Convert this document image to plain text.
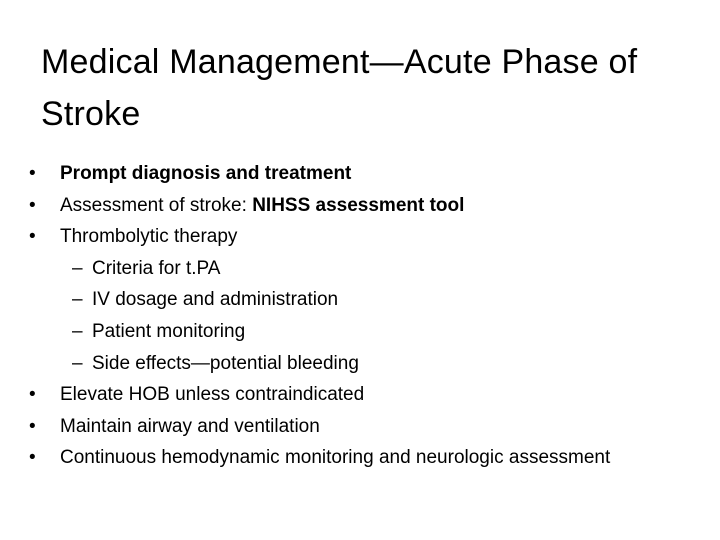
Medical Management—Acute Phase of Stroke
• Prompt diagnosis and treatment
• Assessment of stroke: NIHSS assessment tool
• Thrombolytic therapy
– Criteria for t.PA
– IV dosage and administration
– Patient monitoring
– Side effects—potential bleeding
• Elevate HOB unless contraindicated
• Maintain airway and ventilation
• Continuous hemodynamic monitoring and neurologic assessment
